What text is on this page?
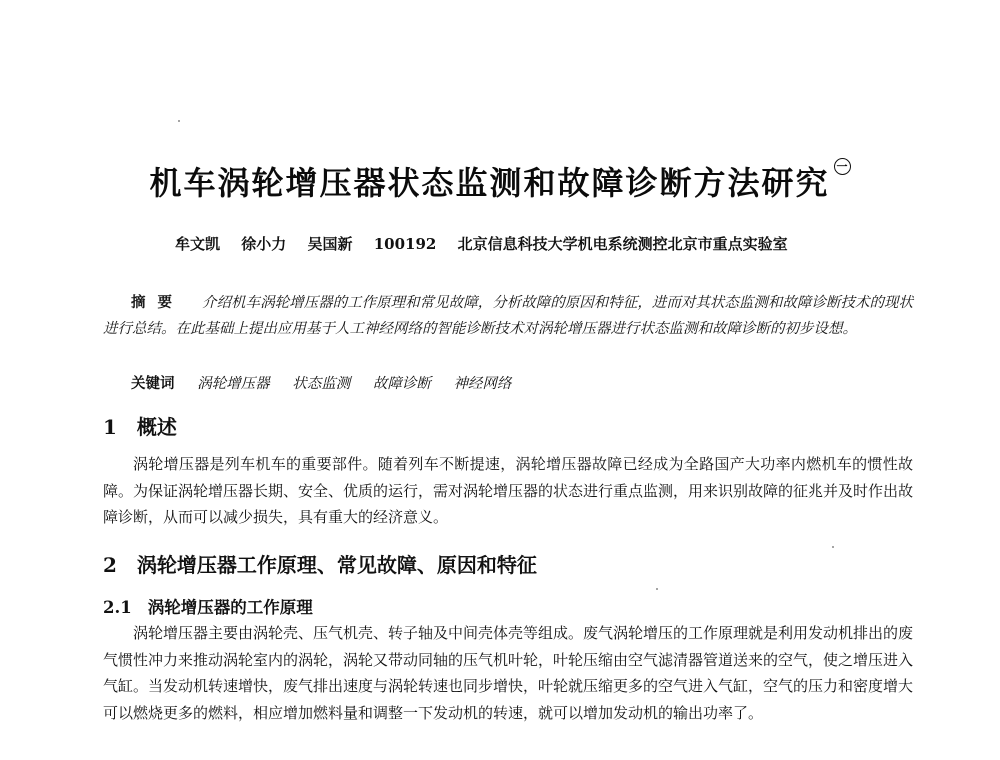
机车涡轮增压器状态监测和故障诊断方法研究 一
牟文凯 徐小力 吴国新 100192 北京信息科技大学机电系统测控北京市重点实验室
摘要 介绍机车涡轮增压器的工作原理和常见故障，分析故障的原因和特征，进而对其状态监测和故障诊断技术的现状进行总结。在此基础上提出应用基于人工神经网络的智能诊断技术对涡轮增压器进行状态监测和故障诊断的初步设想。
关键词 涡轮增压器 状态监测 故障诊断 神经网络
1 概述
涡轮增压器是列车机车的重要部件。随着列车不断提速，涡轮增压器故障已经成为全路国产大功率内燃机车的惯性故障。为保证涡轮增压器长期、安全、优质的运行，需对涡轮增压器的状态进行重点监测，用来识别故障的征兆并及时作出故障诊断，从而可以减少损失，具有重大的经济意义。
2 涡轮增压器工作原理、常见故障、原因和特征
2.1 涡轮增压器的工作原理
涡轮增压器主要由涡轮壳、压气机壳、转子轴及中间壳体壳等组成。废气涡轮增压的工作原理就是利用发动机排出的废气惯性冲力来推动涡轮室内的涡轮，涡轮又带动同轴的压气机叶轮，叶轮压缩由空气滤清器管道送来的空气，使之增压进入气缸。当发动机转速增快，废气排出速度与涡轮转速也同步增快，叶轮就压缩更多的空气进入气缸，空气的压力和密度增大可以燃烧更多的燃料，相应增加燃料量和调整一下发动机的转速，就可以增加发动机的输出功率了。
